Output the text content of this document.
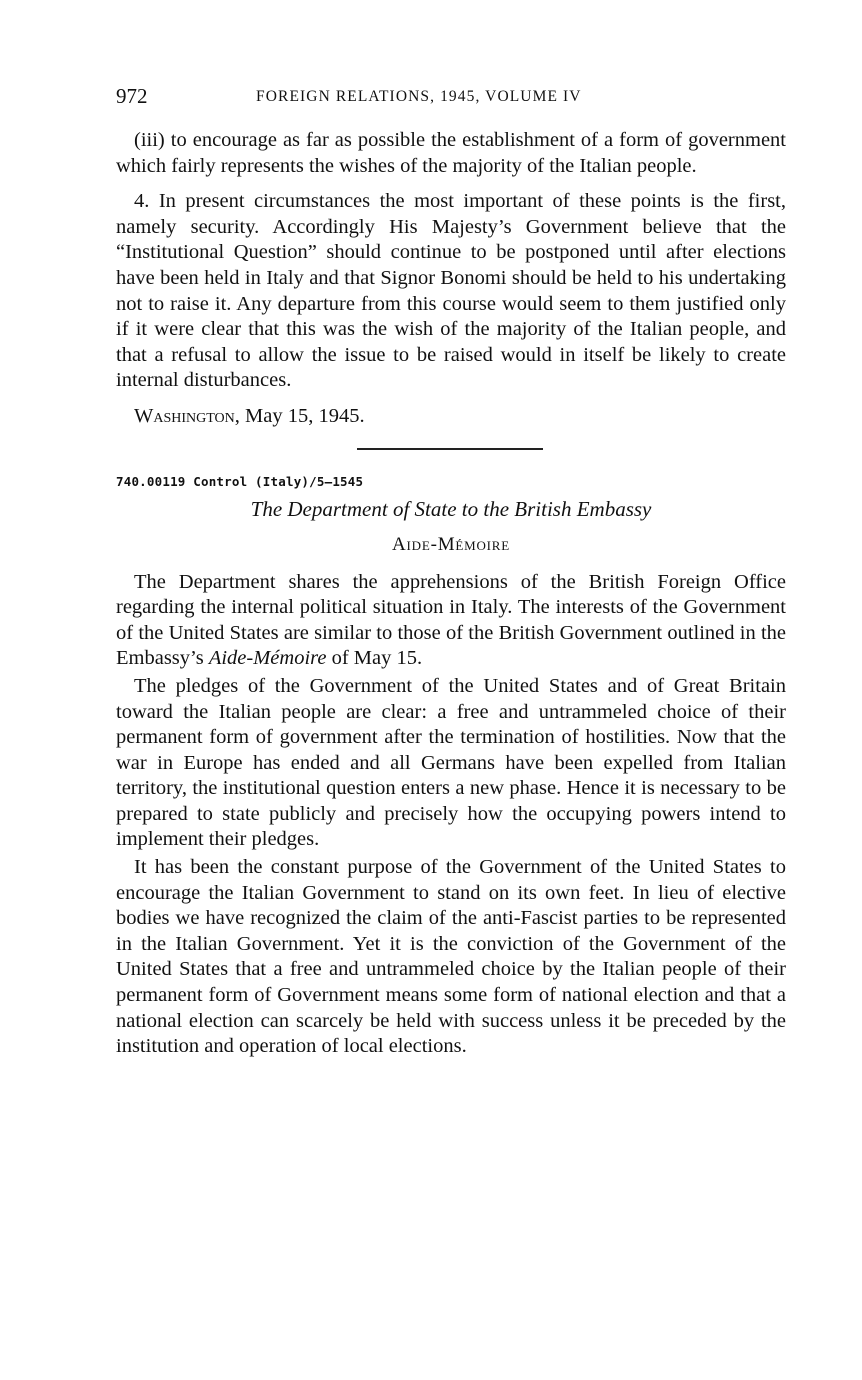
972	FOREIGN RELATIONS, 1945, VOLUME IV

(iii) to encourage as far as possible the establishment of a form of government which fairly represents the wishes of the majority of the Italian people.

4. In present circumstances the most important of these points is the first, namely security. Accordingly His Majesty’s Government believe that the “Institutional Question” should continue to be postponed until after elections have been held in Italy and that Signor Bonomi should be held to his undertaking not to raise it. Any departure from this course would seem to them justified only if it were clear that this was the wish of the majority of the Italian people, and that a refusal to allow the issue to be raised would in itself be likely to create internal disturbances.

Washington, May 15, 1945.

740.00119 Control (Italy)/5–1545
The Department of State to the British Embassy
Aide-Mémoire

The Department shares the apprehensions of the British Foreign Office regarding the internal political situation in Italy. The interests of the Government of the United States are similar to those of the British Government outlined in the Embassy’s Aide-Mémoire of May 15.

The pledges of the Government of the United States and of Great Britain toward the Italian people are clear: a free and untrammeled choice of their permanent form of government after the termination of hostilities. Now that the war in Europe has ended and all Germans have been expelled from Italian territory, the institutional question enters a new phase. Hence it is necessary to be prepared to state publicly and precisely how the occupying powers intend to implement their pledges.

It has been the constant purpose of the Government of the United States to encourage the Italian Government to stand on its own feet. In lieu of elective bodies we have recognized the claim of the anti-Fascist parties to be represented in the Italian Government. Yet it is the conviction of the Government of the United States that a free and untrammeled choice by the Italian people of their permanent form of Government means some form of national election and that a national election can scarcely be held with success unless it be preceded by the institution and operation of local elections.
